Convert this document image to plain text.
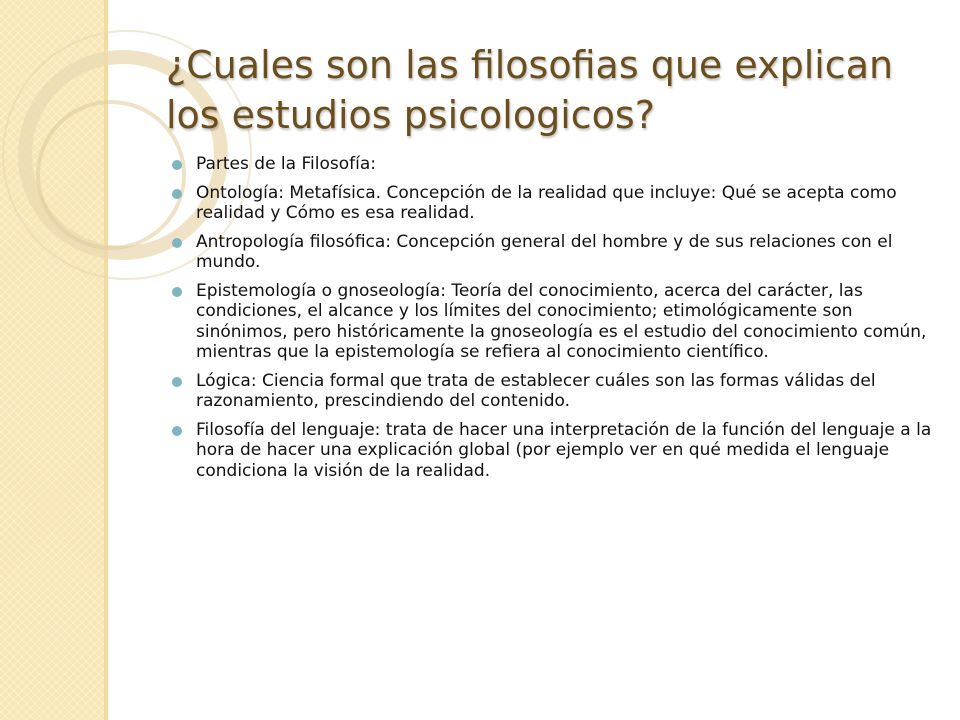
¿Cuales son las filosofias que explican los estudios psicologicos?
Partes de la Filosofía:
Ontología: Metafísica. Concepción de la realidad que incluye: Qué se acepta como realidad y Cómo es esa realidad.
Antropología filosófica: Concepción general del hombre y de sus relaciones con el mundo.
Epistemología o gnoseología: Teoría del conocimiento, acerca del carácter, las condiciones, el alcance y los límites del conocimiento; etimológicamente son sinónimos, pero históricamente la gnoseología es el estudio del conocimiento común, mientras que la epistemología se refiera al conocimiento científico.
Lógica: Ciencia formal que trata de establecer cuáles son las formas válidas del razonamiento, prescindiendo del contenido.
Filosofía del lenguaje: trata de hacer una interpretación de la función del lenguaje a la hora de hacer una explicación global (por ejemplo ver en qué medida el lenguaje condiciona la visión de la realidad.
